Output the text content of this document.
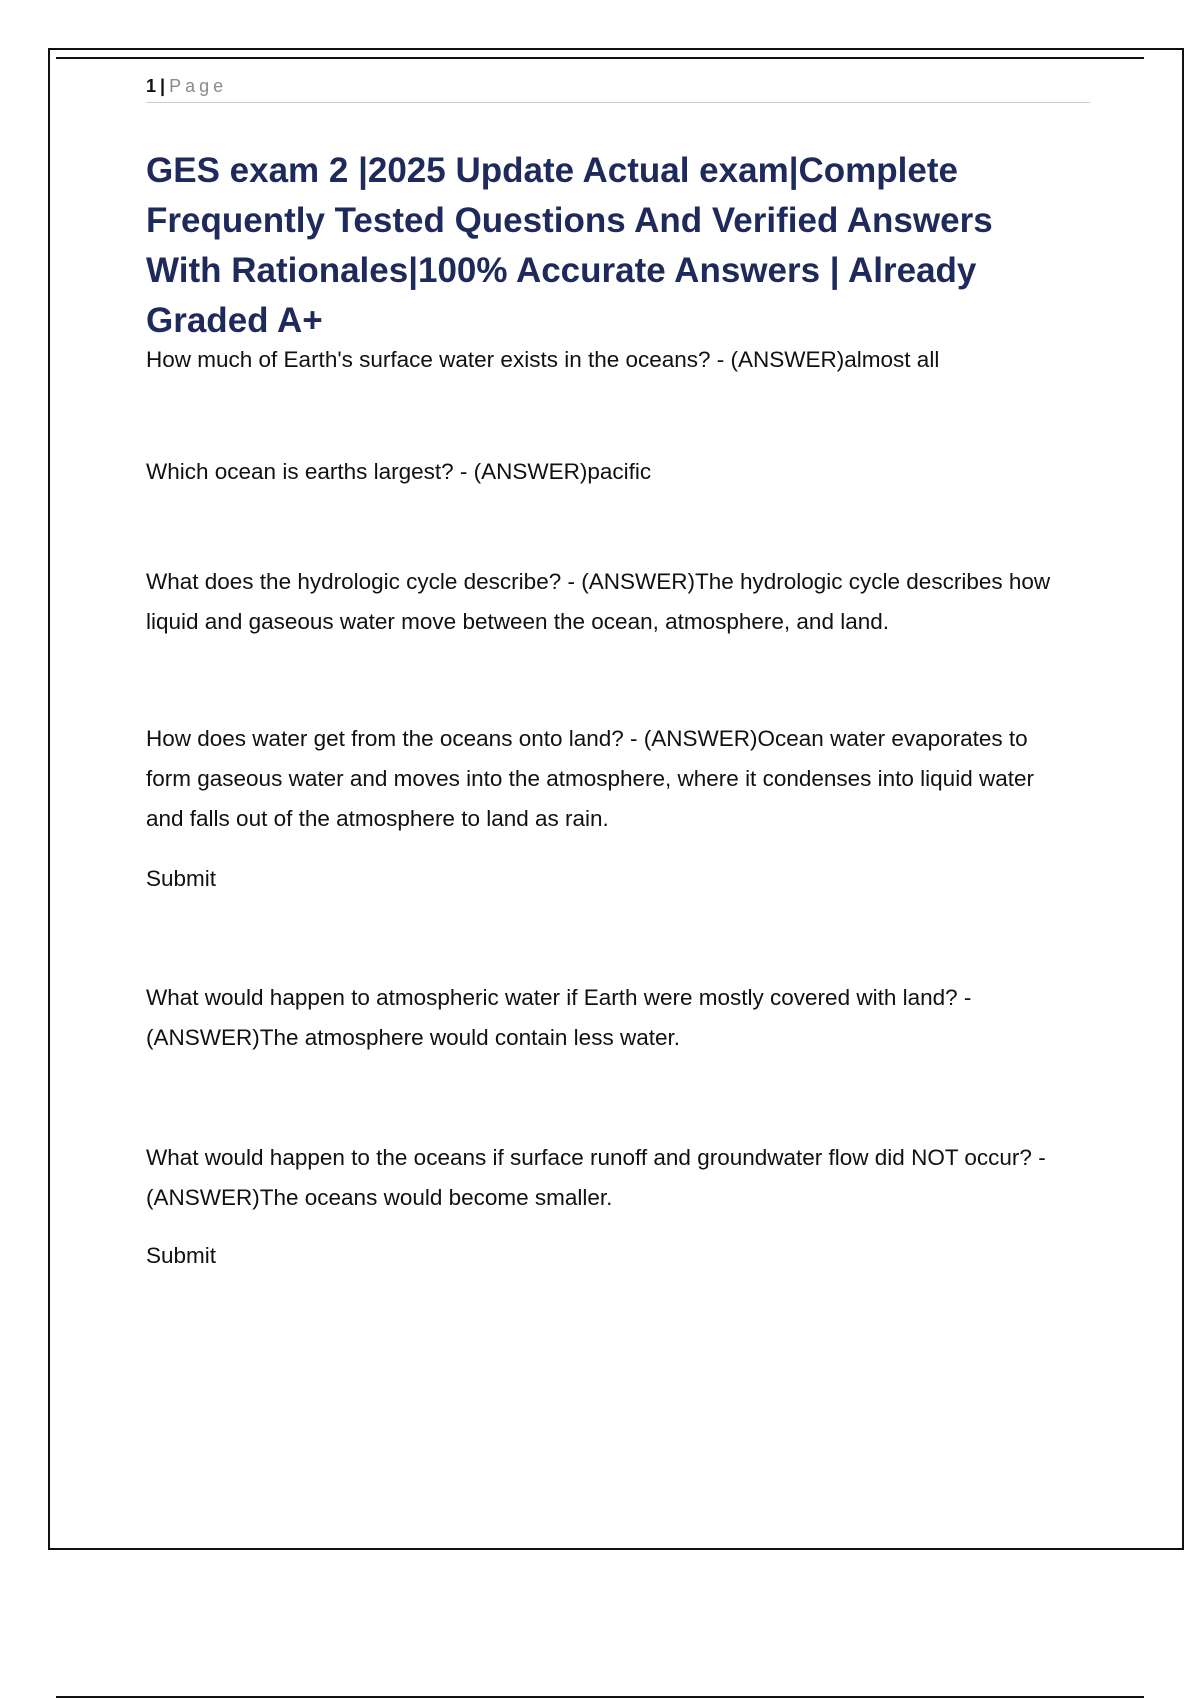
1 | Page
GES exam 2 |2025 Update Actual exam|Complete Frequently Tested Questions And Verified Answers With Rationales|100% Accurate Answers | Already Graded A+

How much of Earth's surface water exists in the oceans? - (ANSWER)almost all

Which ocean is earths largest? - (ANSWER)pacific

What does the hydrologic cycle describe? - (ANSWER)The hydrologic cycle describes how liquid and gaseous water move between the ocean, atmosphere, and land.

How does water get from the oceans onto land? - (ANSWER)Ocean water evaporates to form gaseous water and moves into the atmosphere, where it condenses into liquid water and falls out of the atmosphere to land as rain.

Submit

What would happen to atmospheric water if Earth were mostly covered with land? - (ANSWER)The atmosphere would contain less water.

What would happen to the oceans if surface runoff and groundwater flow did NOT occur? - (ANSWER)The oceans would become smaller.

Submit
